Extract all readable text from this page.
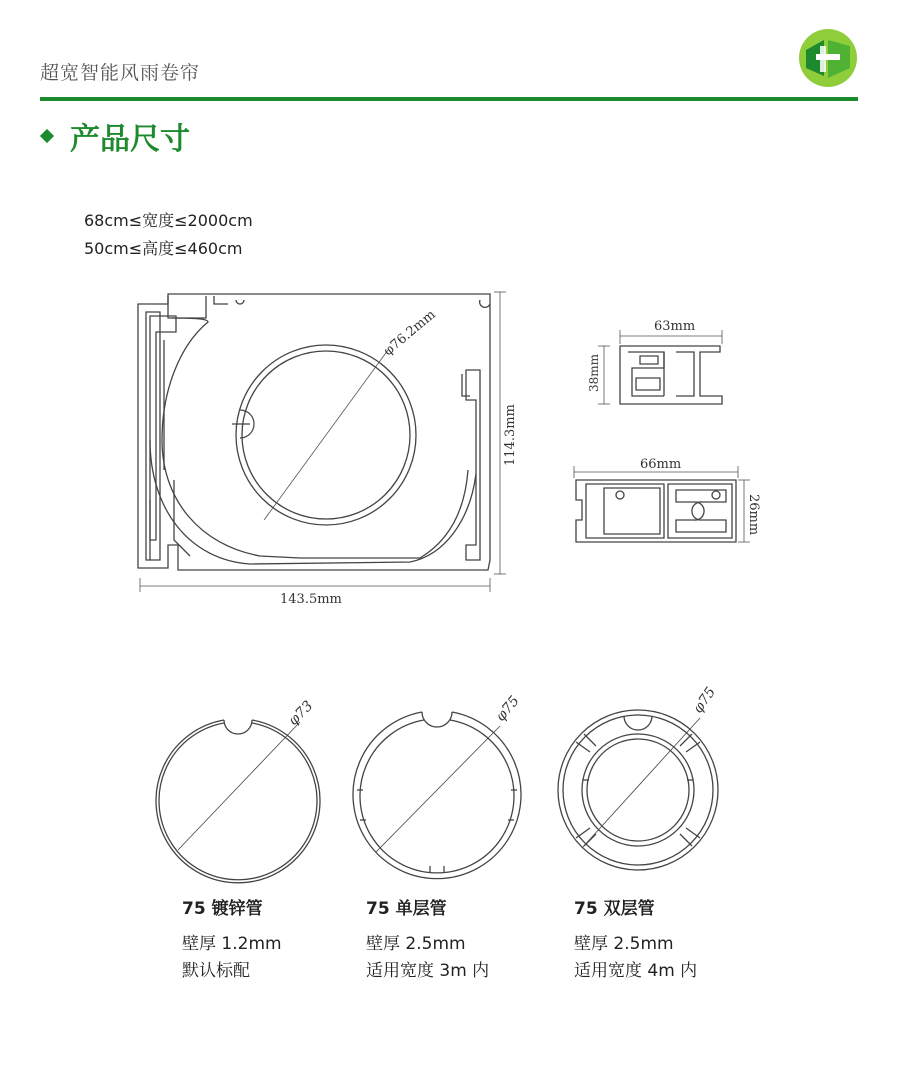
超宽智能风雨卷帘
产品尺寸
68cm≤宽度≤2000cm
50cm≤高度≤460cm
φ76.2mm
114.3mm
143.5mm
63mm
38mm
66mm
26mm
φ73	φ75	φ75
75 镀锌管
壁厚 1.2mm
默认标配
75 单层管
壁厚 2.5mm
适用宽度 3m 内
75 双层管
壁厚 2.5mm
适用宽度 4m 内
